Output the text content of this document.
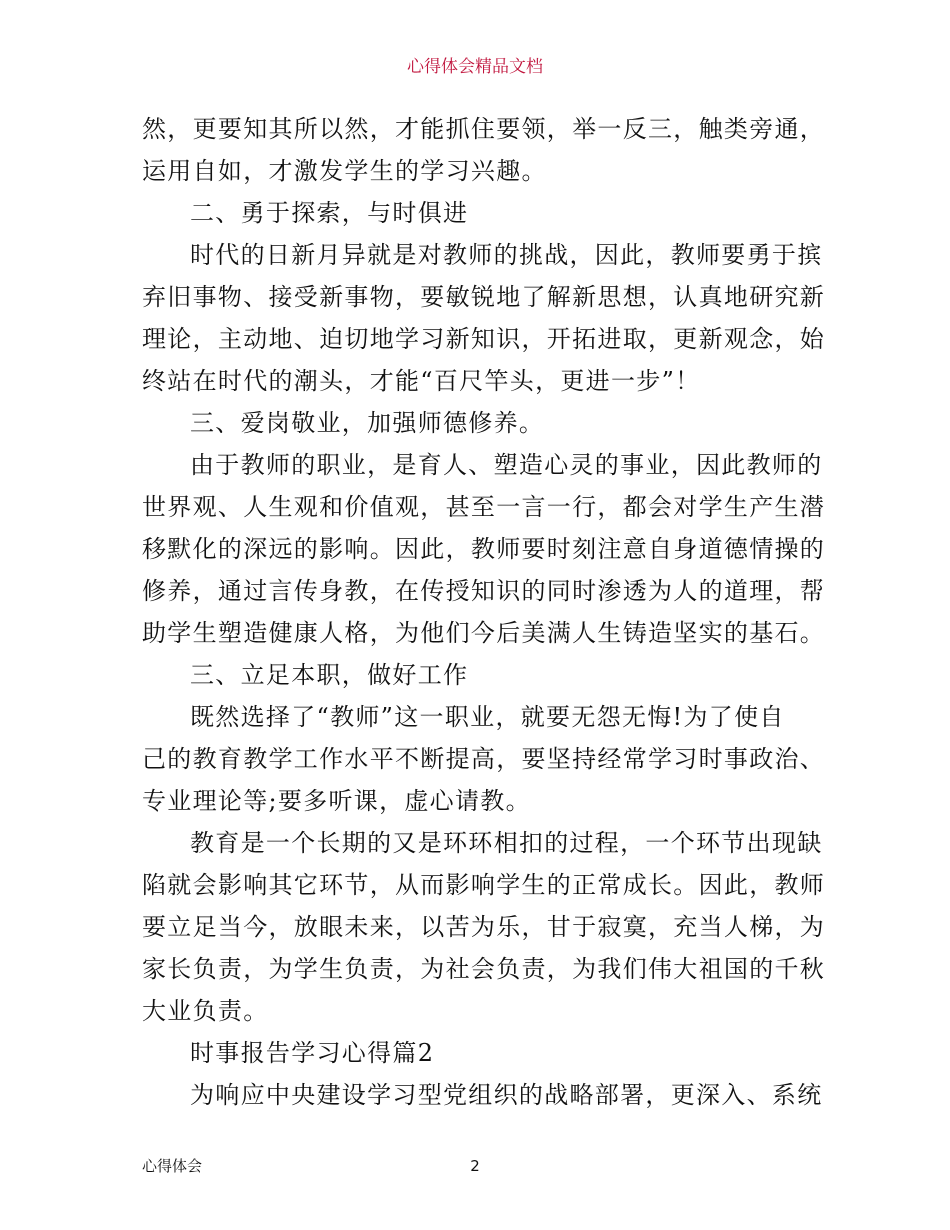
心得体会精品文档
然，更要知其所以然，才能抓住要领，举一反三，触类旁通，
运用自如，才激发学生的学习兴趣。
二、勇于探索，与时俱进
时代的日新月异就是对教师的挑战，因此，教师要勇于摈
弃旧事物、接受新事物，要敏锐地了解新思想，认真地研究新
理论，主动地、迫切地学习新知识，开拓进取，更新观念，始
终站在时代的潮头，才能“百尺竿头，更进一步”！
三、爱岗敬业，加强师德修养。
由于教师的职业，是育人、塑造心灵的事业，因此教师的
世界观、人生观和价值观，甚至一言一行，都会对学生产生潜
移默化的深远的影响。因此，教师要时刻注意自身道德情操的
修养，通过言传身教，在传授知识的同时渗透为人的道理，帮
助学生塑造健康人格，为他们今后美满人生铸造坚实的基石。
三、立足本职，做好工作
既然选择了“教师”这一职业，就要无怨无悔!为了使自
己的教育教学工作水平不断提高，要坚持经常学习时事政治、
专业理论等;要多听课，虚心请教。
教育是一个长期的又是环环相扣的过程，一个环节出现缺
陷就会影响其它环节，从而影响学生的正常成长。因此，教师
要立足当今，放眼未来，以苦为乐，甘于寂寞，充当人梯，为
家长负责，为学生负责，为社会负责，为我们伟大祖国的千秋
大业负责。
时事报告学习心得篇2
为响应中央建设学习型党组织的战略部署，更深入、系统
心得体会	2
